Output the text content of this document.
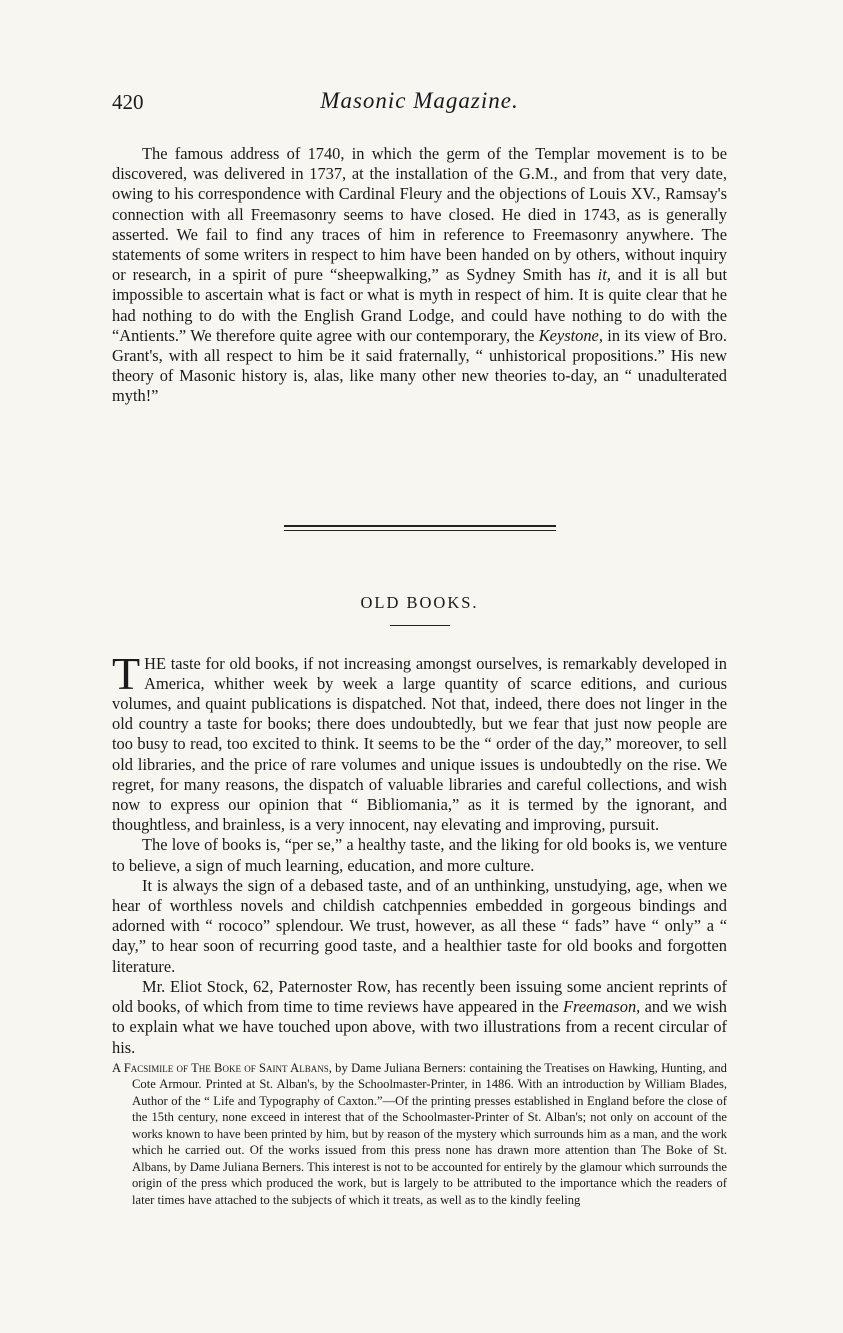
420	Masonic Magazine.

The famous address of 1740, in which the germ of the Templar movement is to be discovered, was delivered in 1737, at the installation of the G.M., and from that very date, owing to his correspondence with Cardinal Fleury and the objections of Louis XV., Ramsay's connection with all Freemasonry seems to have closed. He died in 1743, as is generally asserted. We fail to find any traces of him in reference to Freemasonry anywhere. The statements of some writers in respect to him have been handed on by others, without inquiry or research, in a spirit of pure “sheepwalking,” as Sydney Smith has it, and it is all but impossible to ascertain what is fact or what is myth in respect of him. It is quite clear that he had nothing to do with the English Grand Lodge, and could have nothing to do with the “Antients.” We therefore quite agree with our contemporary, the Keystone, in its view of Bro. Grant's, with all respect to him be it said fraternally, “ unhistorical propositions.” His new theory of Masonic history is, alas, like many other new theories to-day, an “ unadulterated myth!”

OLD BOOKS.

THE taste for old books, if not increasing amongst ourselves, is remarkably developed in America, whither week by week a large quantity of scarce editions, and curious volumes, and quaint publications is dispatched. Not that, indeed, there does not linger in the old country a taste for books; there does undoubtedly, but we fear that just now people are too busy to read, too excited to think. It seems to be the “ order of the day,” moreover, to sell old libraries, and the price of rare volumes and unique issues is undoubtedly on the rise. We regret, for many reasons, the dispatch of valuable libraries and careful collections, and wish now to express our opinion that “ Bibliomania,” as it is termed by the ignorant, and thoughtless, and brainless, is a very innocent, nay elevating and improving, pursuit.

The love of books is, “per se,” a healthy taste, and the liking for old books is, we venture to believe, a sign of much learning, education, and more culture.

It is always the sign of a debased taste, and of an unthinking, unstudying, age, when we hear of worthless novels and childish catchpennies embedded in gorgeous bindings and adorned with “ rococo” splendour. We trust, however, as all these “ fads” have “ only” a “ day,” to hear soon of recurring good taste, and a healthier taste for old books and forgotten literature.

Mr. Eliot Stock, 62, Paternoster Row, has recently been issuing some ancient reprints of old books, of which from time to time reviews have appeared in the Freemason, and we wish to explain what we have touched upon above, with two illustrations from a recent circular of his.

A Facsimile of The Boke of Saint Albans, by Dame Juliana Berners: containing the Treatises on Hawking, Hunting, and Cote Armour. Printed at St. Alban's, by the Schoolmaster-Printer, in 1486. With an introduction by William Blades, Author of the “ Life and Typography of Caxton.”—Of the printing presses established in England before the close of the 15th century, none exceed in interest that of the Schoolmaster-Printer of St. Alban's; not only on account of the works known to have been printed by him, but by reason of the mystery which surrounds him as a man, and the work which he carried out. Of the works issued from this press none has drawn more attention than The Boke of St. Albans, by Dame Juliana Berners. This interest is not to be accounted for entirely by the glamour which surrounds the origin of the press which produced the work, but is largely to be attributed to the importance which the readers of later times have attached to the subjects of which it treats, as well as to the kindly feeling
